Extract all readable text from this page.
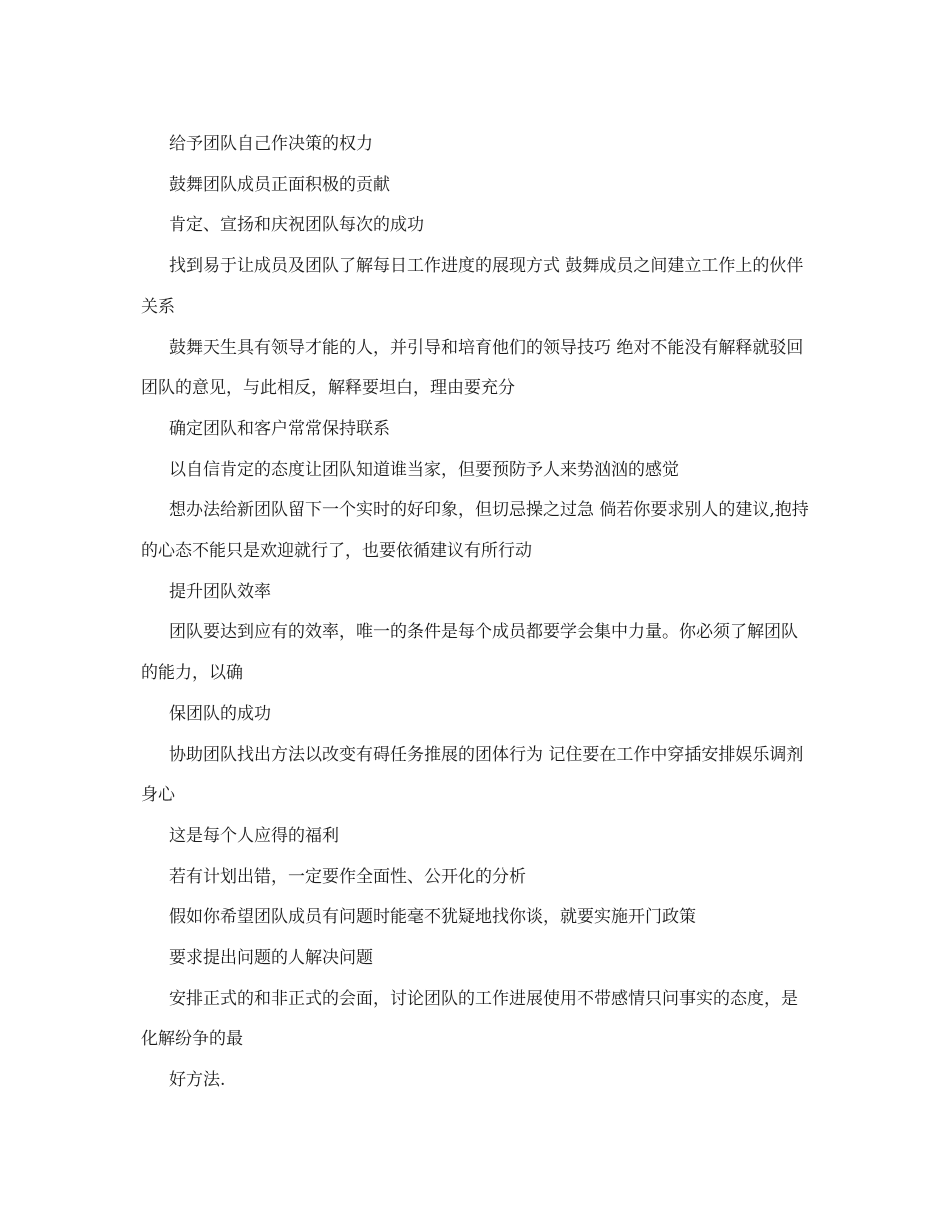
给予团队自己作决策的权力

鼓舞团队成员正面积极的贡献

肯定、宣扬和庆祝团队每次的成功

找到易于让成员及团队了解每日工作进度的展现方式 鼓舞成员之间建立工作上的伙伴关系

鼓舞天生具有领导才能的人，并引导和培育他们的领导技巧 绝对不能没有解释就驳回团队的意见，与此相反，解释要坦白，理由要充分

确定团队和客户常常保持联系

以自信肯定的态度让团队知道谁当家，但要预防予人来势汹汹的感觉

想办法给新团队留下一个实时的好印象，但切忌操之过急 倘若你要求别人的建议,抱持的心态不能只是欢迎就行了，也要依循建议有所行动

提升团队效率

团队要达到应有的效率，唯一的条件是每个成员都要学会集中力量。你必须了解团队的能力，以确

保团队的成功

协助团队找出方法以改变有碍任务推展的团体行为 记住要在工作中穿插安排娱乐调剂身心

这是每个人应得的福利

若有计划出错，一定要作全面性、公开化的分析

假如你希望团队成员有问题时能毫不犹疑地找你谈，就要实施开门政策

要求提出问题的人解决问题

安排正式的和非正式的会面，讨论团队的工作进展使用不带感情只问事实的态度，是化解纷争的最

好方法.
